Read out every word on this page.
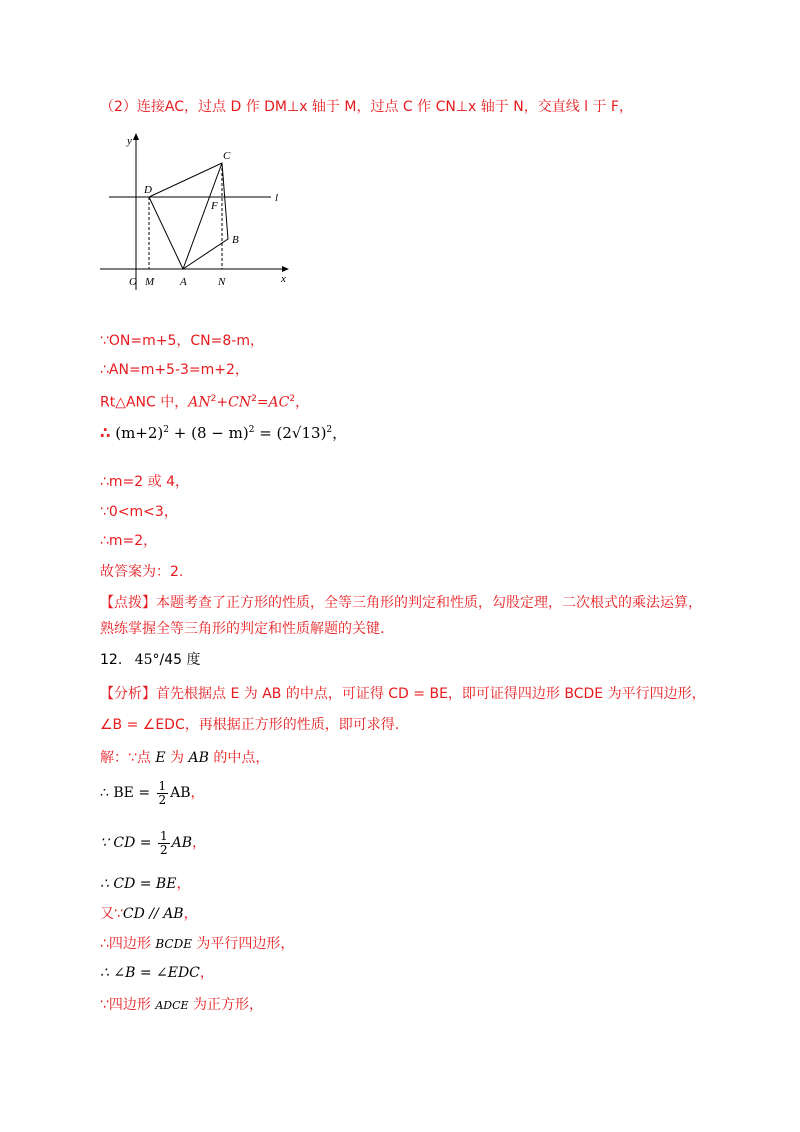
（2）连接AC，过点 D 作 DM⊥x 轴于 M，过点 C 作 CN⊥x 轴于 N，交直线 l 于 F，
y
x
l
O M A	N
B
C
D
F
∵ON=m+5，CN=8-m，
∴AN=m+5-3=m+2，
Rt△ANC 中，$AN^2+CN^2=AC^2$，
∴ $(m+2)^2 + (8 - m)^2 = (2√13)^2$，
∴m=2 或 4，
∵0<m<3，
∴m=2，
故答案为：2.
【点拨】本题考查了正方形的性质，全等三角形的判定和性质，勾股定理，二次根式的乘法运算，熟练掌握全等三角形的判定和性质解题的关键.
12. 45°/45 度
【分析】首先根据点 E 为 AB 的中点，可证得 CD = BE，即可证得四边形 BCDE 为平行四边形，
∠B = ∠EDC，再根据正方形的性质，即可求得.
解：∵点 E 为 AB 的中点，
∴ BE = $\frac{1}{2}$ AB，
∵ CD = $\frac{1}{2}$ AB，
∴ CD = BE，
又∵CD // AB，
∴四边形 BCDE 为平行四边形，
∴ ∠B = ∠EDC，
∵四边形 ADCE 为正方形，
